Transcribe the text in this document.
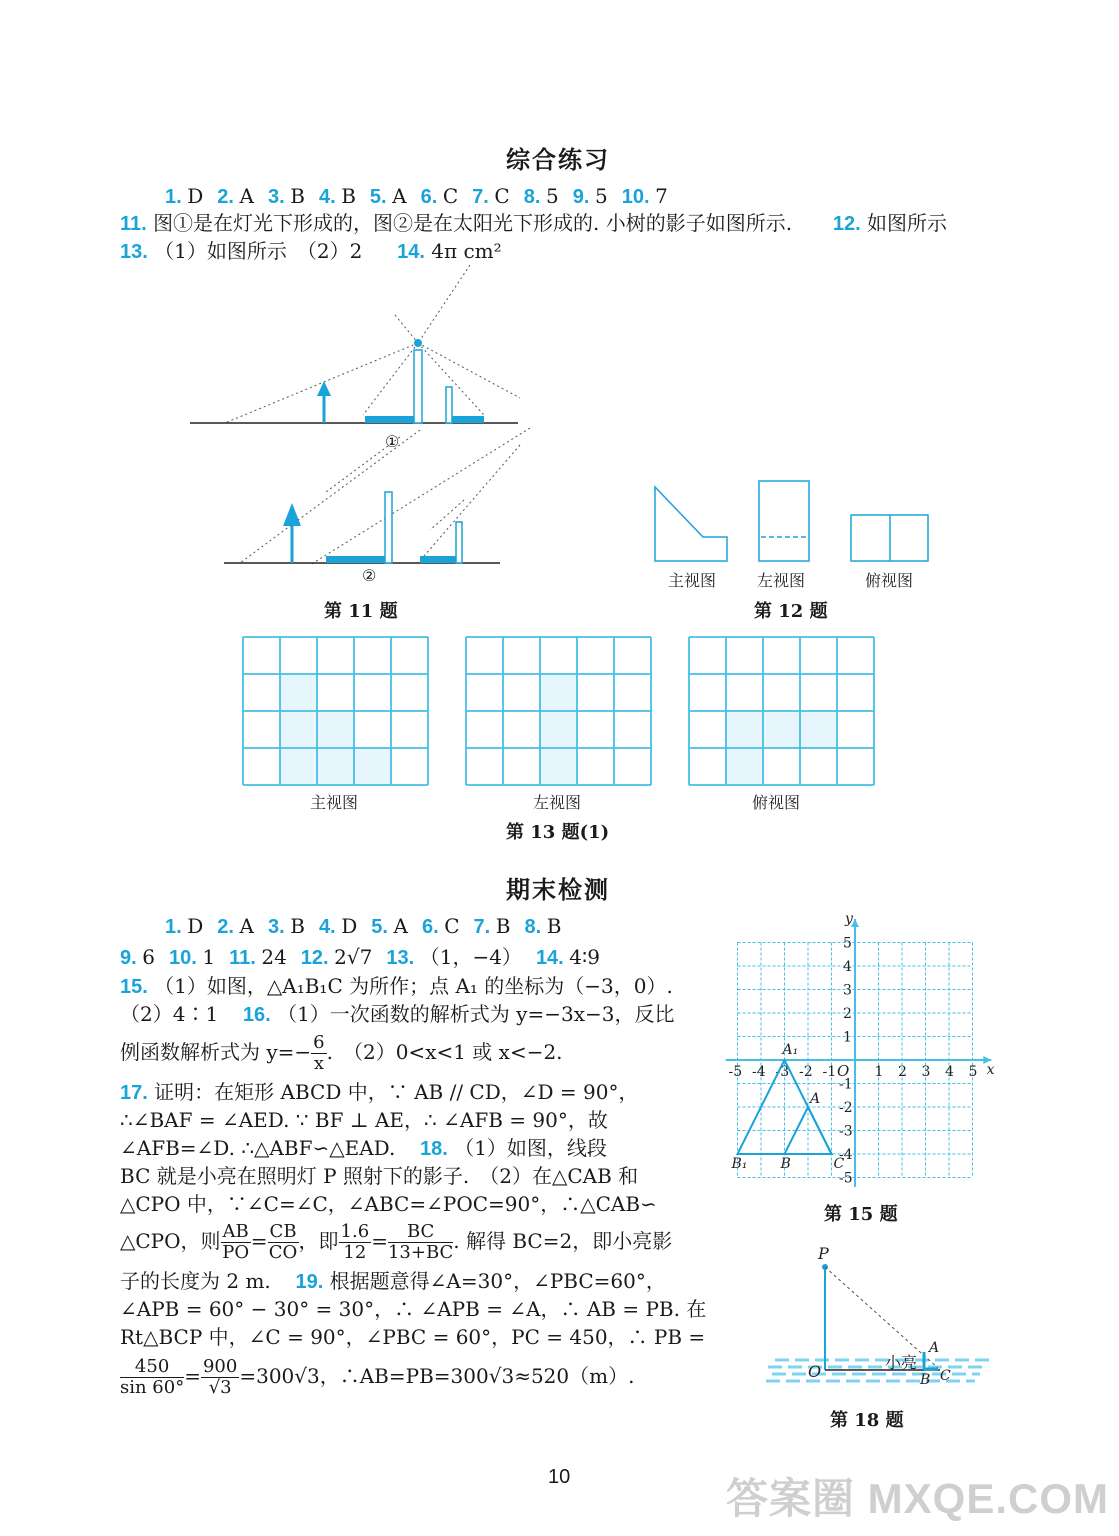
综合练习
1. D 2. A 3. B 4. B 5. A 6. C 7. C 8. 5 9. 5 10. 7
11. 图①是在灯光下形成的，图②是在太阳光下形成的. 小树的影子如图所示. 12. 如图所示
13. （1）如图所示　（2）2 14. 4π cm²
①
②
第 11 题
主视图	左视图	俯视图
第 12 题
主视图	左视图	俯视图
第 13 题(1)
期末检测
1. D 2. A 3. B 4. D 5. A 6. C 7. B 8. B
9. 6 10. 1 11. 24 12. 2√7 13. （1，−4） 14. 4∶9
15. （1）如图，△A₁B₁C 为所作；点 A₁ 的坐标为（−3，0）.
（2）4∶1 16. （1）一次函数的解析式为 y=−3x−3，反比
例函数解析式为 $y=- \frac{6}{x}$ .　（2）0<x<1 或 x<−2.
17. 证明：在矩形 ABCD 中，∵ AB // CD，∠D = 90°，
∴∠BAF = ∠AED. ∵ BF ⊥ AE，∴ ∠AFB = 90°，故
∠AFB=∠D. ∴△ABF∽△EAD. 18. （1）如图，线段
BC 就是小亮在照明灯 P 照射下的影子.　（2）在△CAB 和
△CPO 中，∵∠C=∠C，∠ABC=∠POC=90°，∴△CAB∽
△CPO，则 $\frac{AB}{PO} = \frac{CB}{CO}$ ，即 $\frac{1.6}{12} = \frac{BC}{13+BC}$ . 解得 BC=2，即小亮影
子的长度为 2 m. 19. 根据题意得∠A=30°，∠PBC=60°，
∠APB = 60° − 30° = 30°，∴ ∠APB = ∠A，∴ AB = PB. 在
Rt△BCP 中，∠C = 90°，∠PBC = 60°，PC = 450，∴ PB =
$\frac{450}{\sin 60^\circ} = \frac{900}{√3} =300√3$，∴AB=PB=300√3≈520（m）.
-5
-5
-4
-4
-3
-3
-2
-2
-1
-1
O 1
1
2
2
3
3
4
4
5
5
x
y
A₁
A
B₁ B	C
第 15 题
P
O	小亮
A
B C
第 18 题
10	答案圈 MXQE.COM
